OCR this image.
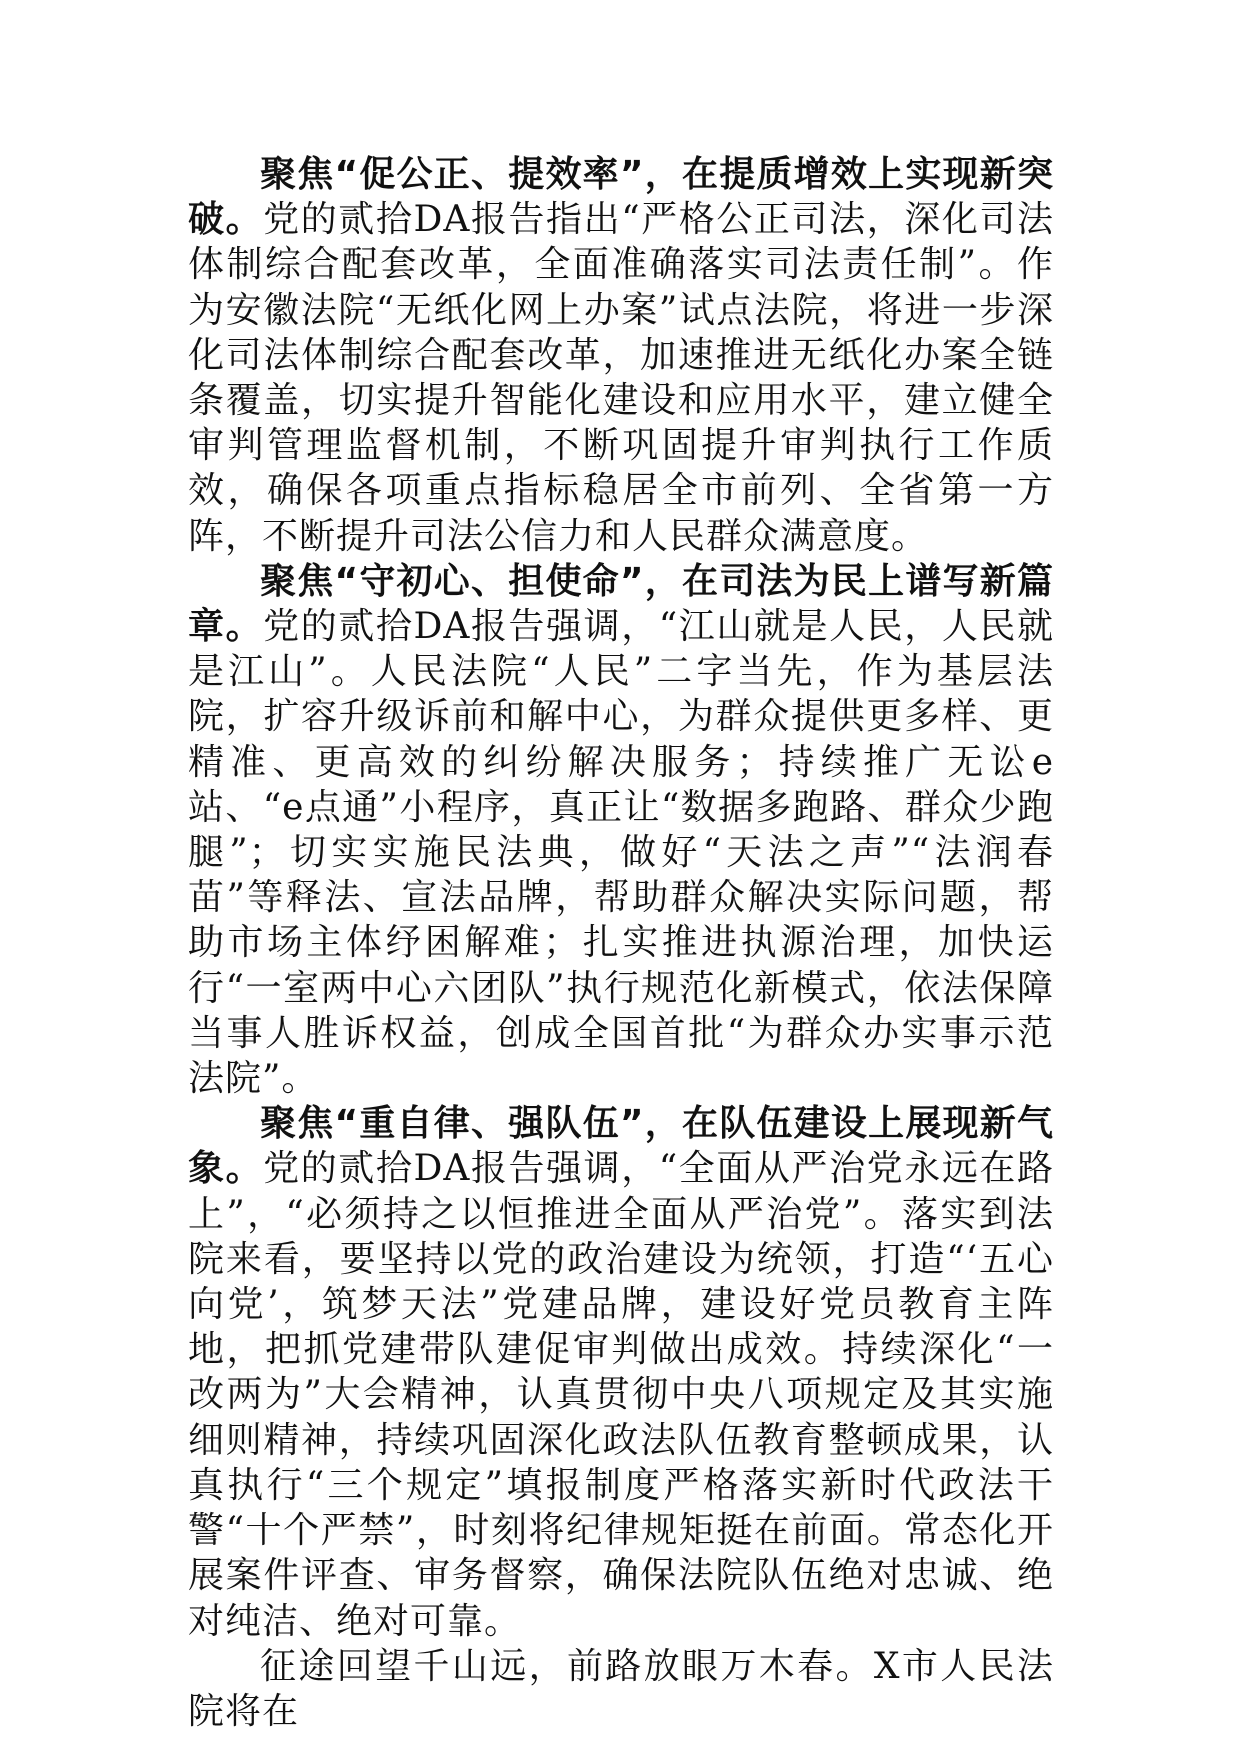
聚焦“促公正、提效率”，在提质增效上实现新突破。党的贰拾DA报告指出“严格公正司法，深化司法体制综合配套改革，全面准确落实司法责任制”。作为安徽法院“无纸化网上办案”试点法院，将进一步深化司法体制综合配套改革，加速推进无纸化办案全链条覆盖，切实提升智能化建设和应用水平，建立健全审判管理监督机制，不断巩固提升审判执行工作质效，确保各项重点指标稳居全市前列、全省第一方阵，不断提升司法公信力和人民群众满意度。

聚焦“守初心、担使命”，在司法为民上谱写新篇章。党的贰拾DA报告强调，“江山就是人民，人民就是江山”。人民法院“人民”二字当先，作为基层法院，扩容升级诉前和解中心，为群众提供更多样、更精准、更高效的纠纷解决服务；持续推广无讼e站、“e点通”小程序，真正让“数据多跑路、群众少跑腿”；切实实施民法典，做好“天法之声”“法润春苗”等释法、宣法品牌，帮助群众解决实际问题，帮助市场主体纾困解难；扎实推进执源治理，加快运行“一室两中心六团队”执行规范化新模式，依法保障当事人胜诉权益，创成全国首批“为群众办实事示范法院”。

聚焦“重自律、强队伍”，在队伍建设上展现新气象。党的贰拾DA报告强调，“全面从严治党永远在路上”，“必须持之以恒推进全面从严治党”。落实到法院来看，要坚持以党的政治建设为统领，打造“‘五心向党’，筑梦天法”党建品牌，建设好党员教育主阵地，把抓党建带队建促审判做出成效。持续深化“一改两为”大会精神，认真贯彻中央八项规定及其实施细则精神，持续巩固深化政法队伍教育整顿成果，认真执行“三个规定”填报制度严格落实新时代政法干警“十个严禁”，时刻将纪律规矩挺在前面。常态化开展案件评查、审务督察，确保法院队伍绝对忠诚、绝对纯洁、绝对可靠。

征途回望千山远，前路放眼万木春。X市人民法院将在
